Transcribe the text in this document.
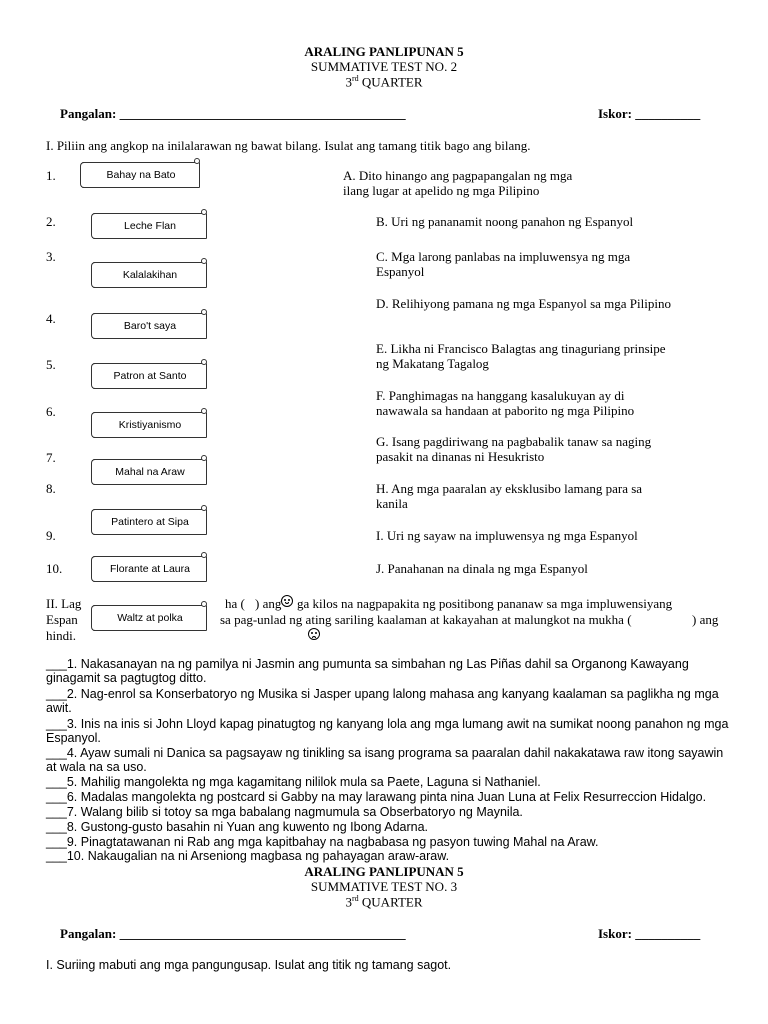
ARALING PANLIPUNAN 5
SUMMATIVE TEST NO. 2
3rd QUARTER
Pangalan: ____________________________________________	Iskor: __________
I. Piliin ang angkop na inilalarawan ng bawat bilang. Isulat ang tamang titik bago ang bilang.
1.
2.
3.
4.
5.
6.
7.
8.
9.
10.
A. Dito hinango ang pagpapangalan ng mga
ilang lugar at apelido ng mga Pilipino
B. Uri ng pananamit noong panahon ng Espanyol
C. Mga larong panlabas na impluwensya ng mga
Espanyol
D. Relihiyong pamana ng mga Espanyol sa mga Pilipino
E. Likha ni Francisco Balagtas ang tinaguriang prinsipe
ng Makatang Tagalog
F. Panghimagas na hanggang kasalukuyan ay di
nawawala sa handaan at paborito ng mga Pilipino
G. Isang pagdiriwang na pagbabalik tanaw sa naging
pasakit na dinanas ni Hesukristo
H. Ang mga paaralan ay eksklusibo lamang para sa
kanila
I. Uri ng sayaw na impluwensya ng mga Espanyol
J. Panahanan na dinala ng mga Espanyol
Bahay na Bato
Leche Flan
Kalalakihan
Baro't saya
Patron at Santo
Kristiyanismo
Mahal na Araw
Patintero at Sipa
Florante at Laura
II. Lag	ha ( ) ang ga kilos na nagpapakita ng positibong pananaw sa mga impluwensiyang
Espan	sa pag-unlad ng ating sariling kaalaman at kakayahan at malungkot na mukha (	) ang
hindi.
Waltz at polka
___1. Nakasanayan na ng pamilya ni Jasmin ang pumunta sa simbahan ng Las Piñas dahil sa Organong Kawayang
ginagamit sa pagtugtog ditto.
___2. Nag-enrol sa Konserbatoryo ng Musika si Jasper upang lalong mahasa ang kanyang kaalaman sa paglikha ng mga
awit.
___3. Inis na inis si John Lloyd kapag pinatugtog ng kanyang lola ang mga lumang awit na sumikat noong panahon ng mga
Espanyol.
___4. Ayaw sumali ni Danica sa pagsayaw ng tinikling sa isang programa sa paaralan dahil nakakatawa raw itong sayawin
at wala na sa uso.
___5. Mahilig mangolekta ng mga kagamitang nililok mula sa Paete, Laguna si Nathaniel.
___6. Madalas mangolekta ng postcard si Gabby na may larawang pinta nina Juan Luna at Felix Resurreccion Hidalgo.
___7. Walang bilib si totoy sa mga babalang nagmumula sa Obserbatoryo ng Maynila.
___8. Gustong-gusto basahin ni Yuan ang kuwento ng Ibong Adarna.
___9. Pinagtatawanan ni Rab ang mga kapitbahay na nagbabasa ng pasyon tuwing Mahal na Araw.
___10. Nakaugalian na ni Arseniong magbasa ng pahayagan araw-araw.
ARALING PANLIPUNAN 5
SUMMATIVE TEST NO. 3
3rd QUARTER
Pangalan: ____________________________________________	Iskor: __________
I. Suriing mabuti ang mga pangungusap. Isulat ang titik ng tamang sagot.
